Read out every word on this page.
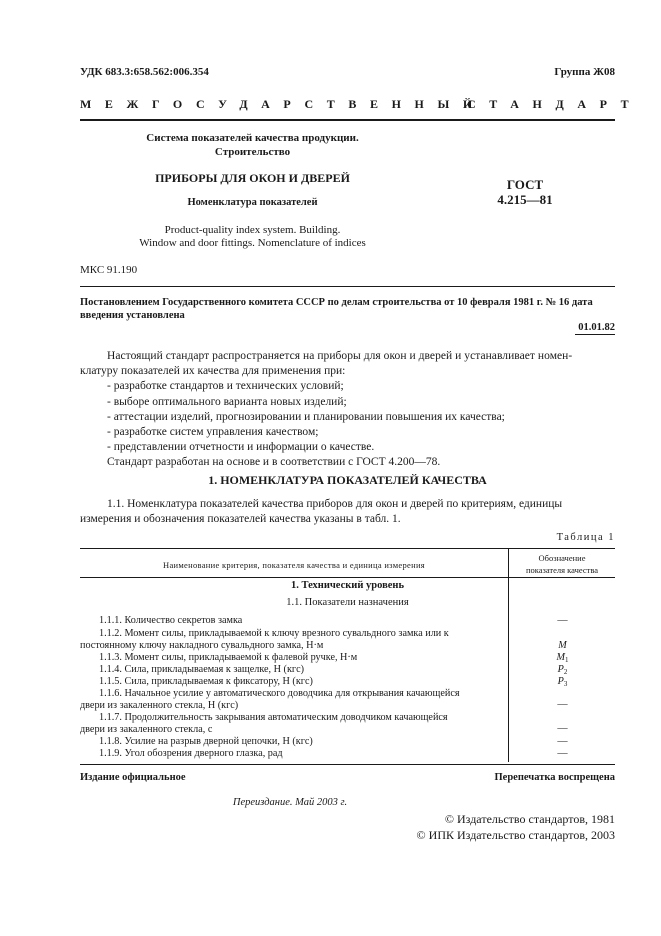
УДК 683.3:658.562:006.354	Группа Ж08
МЕЖГОСУДАРСТВЕННЫЙ
СТАНДАРТ
Система показателей качества продукции.
Строительство
ПРИБОРЫ ДЛЯ ОКОН И ДВЕРЕЙ
Номенклатура показателей
Product-quality index system. Building.
Window and door fittings. Nomenclature of indices
ГОСТ
4.215—81
МКС 91.190
Постановлением Государственного комитета СССР по делам строительства от 10 февраля 1981 г. № 16 дата
введения установлена
01.01.82
Настоящий стандарт распространяется на приборы для окон и дверей и устанавливает номен-
клатуру показателей их качества для применения при:
- разработке стандартов и технических условий;
- выборе оптимального варианта новых изделий;
- аттестации изделий, прогнозировании и планировании повышения их качества;
- разработке систем управления качеством;
- представлении отчетности и информации о качестве.
Стандарт разработан на основе и в соответствии с ГОСТ 4.200—78.
1. НОМЕНКЛАТУРА ПОКАЗАТЕЛЕЙ КАЧЕСТВА
1.1. Номенклатура показателей качества приборов для окон и дверей по критериям, единицы
измерения и обозначения показателей качества указаны в табл. 1.
Таблица 1
Наименование критерия, показателя качества и единица измерения
Обозначение
показателя качества
1. Технический уровень
1.1. Показатели назначения
1.1.1. Количество секретов замка	—
1.1.2. Момент силы, прикладываемой к ключу врезного сувальдного замка или к
постоянному ключу накладного сувальдного замка, Н·м	M
1.1.3. Момент силы, прикладываемой к фалевой ручке, Н·м	$M_1$
1.1.4. Сила, прикладываемая к защелке, Н (кгс)	$P_2$
1.1.5. Сила, прикладываемая к фиксатору, Н (кгс)	$P_3$
1.1.6. Начальное усилие у автоматического доводчика для открывания качающейся
двери из закаленного стекла, Н (кгс)	—
1.1.7. Продолжительность закрывания автоматическим доводчиком качающейся
двери из закаленного стекла, с	—
1.1.8. Усилие на разрыв дверной цепочки, Н (кгс)	—
1.1.9. Угол обозрения дверного глазка, рад	—
Издание официальное	Перепечатка воспрещена
Переиздание. Май 2003 г.
© Издательство стандартов, 1981
© ИПК Издательство стандартов, 2003
